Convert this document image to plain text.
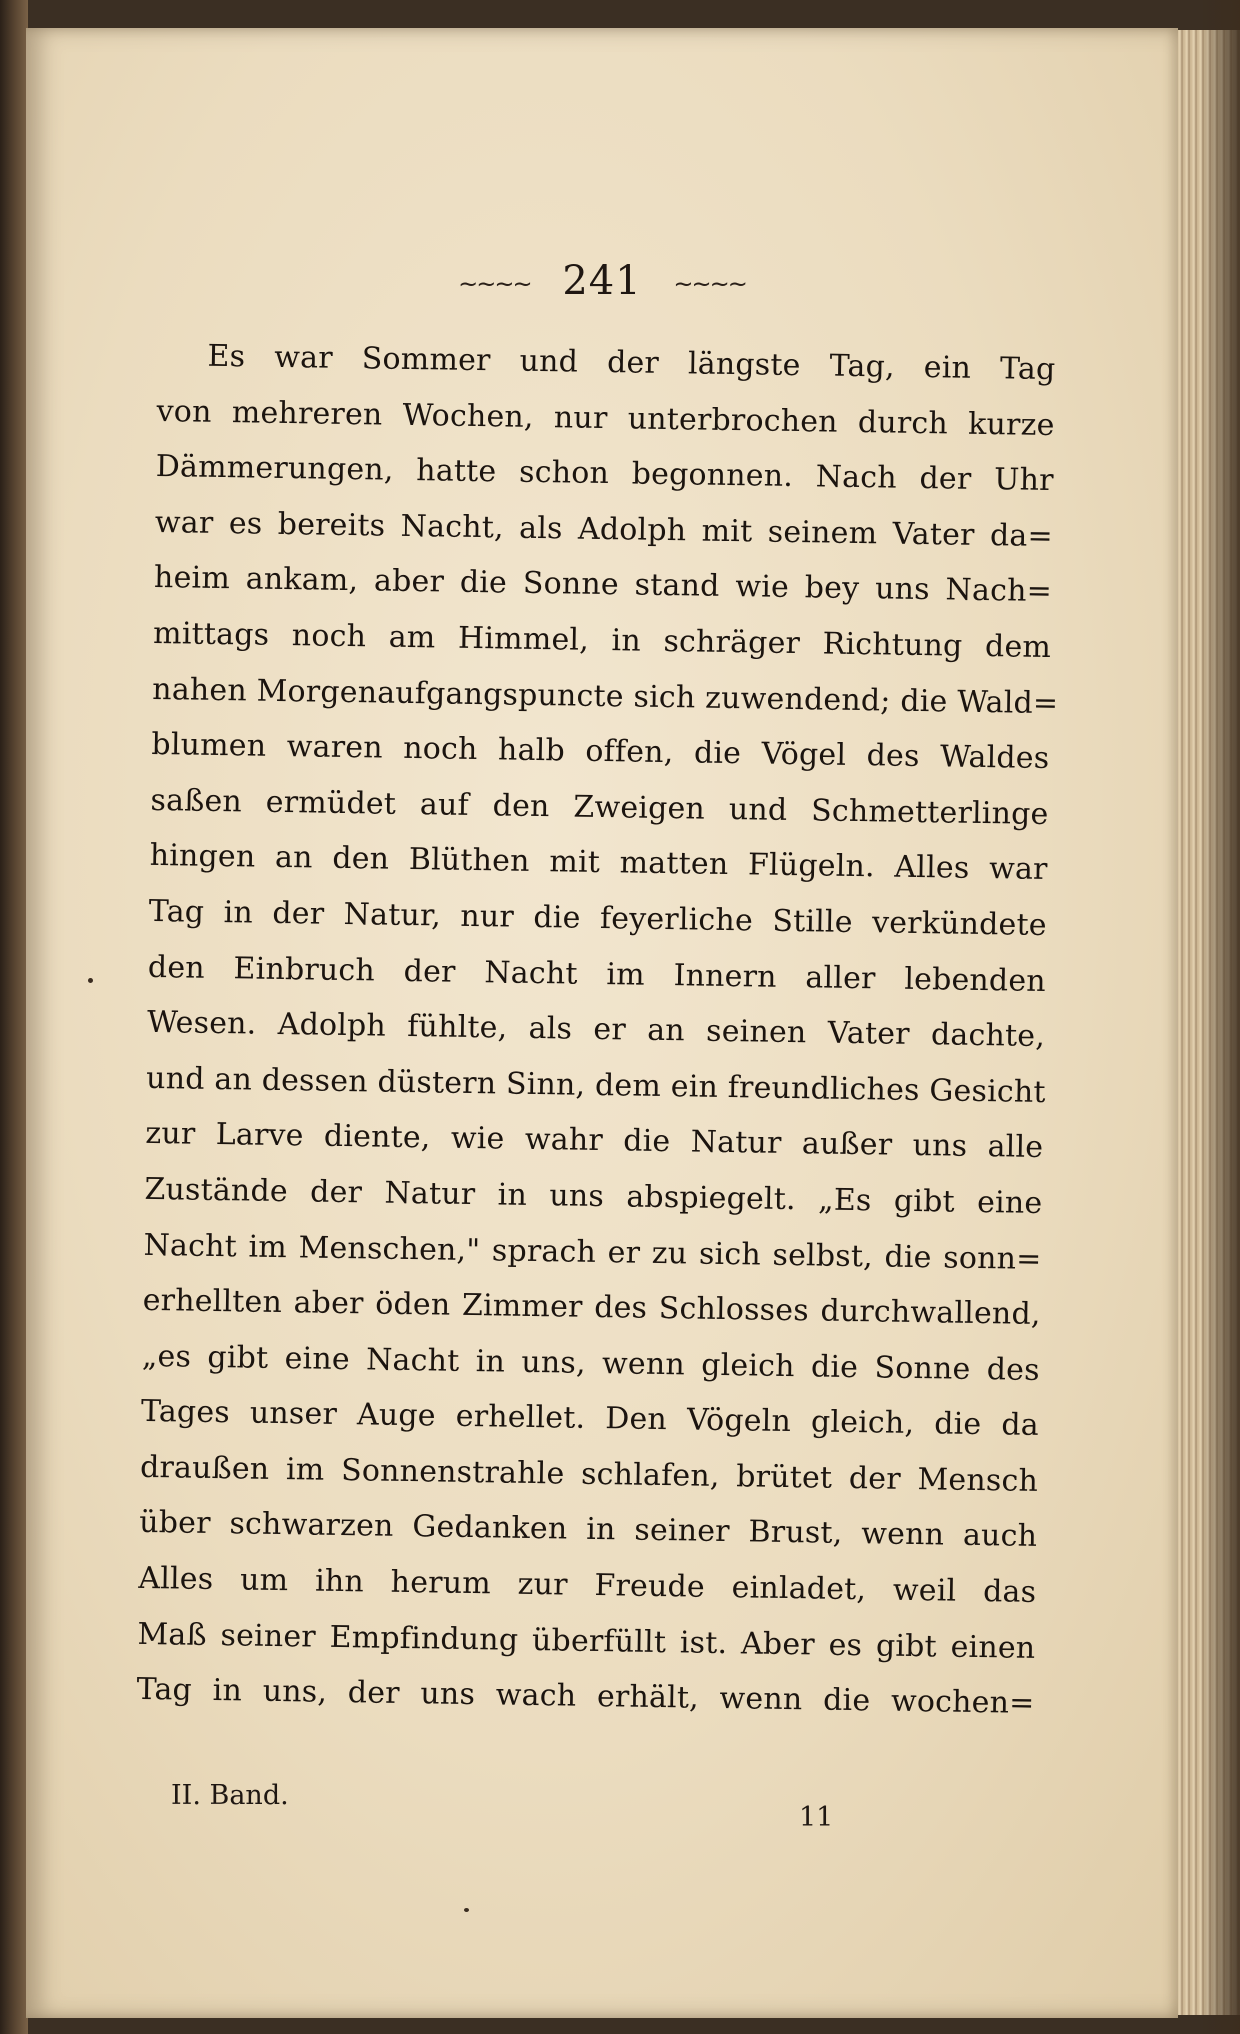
~~~~ 241 ~~~~
Es war Sommer und der längste Tag, ein Tag
von mehreren Wochen, nur unterbrochen durch kurze
Dämmerungen, hatte schon begonnen. Nach der Uhr
war es bereits Nacht, als Adolph mit seinem Vater da=
heim ankam, aber die Sonne stand wie bey uns Nach=
mittags noch am Himmel, in schräger Richtung dem
nahen Morgenaufgangspuncte sich zuwendend; die Wald=
blumen waren noch halb offen, die Vögel des Waldes
saßen ermüdet auf den Zweigen und Schmetterlinge
hingen an den Blüthen mit matten Flügeln. Alles war
Tag in der Natur, nur die feyerliche Stille verkündete
den Einbruch der Nacht im Innern aller lebenden
Wesen. Adolph fühlte, als er an seinen Vater dachte,
und an dessen düstern Sinn, dem ein freundliches Gesicht
zur Larve diente, wie wahr die Natur außer uns alle
Zustände der Natur in uns abspiegelt. „Es gibt eine
Nacht im Menschen," sprach er zu sich selbst, die sonn=
erhellten aber öden Zimmer des Schlosses durchwallend,
„es gibt eine Nacht in uns, wenn gleich die Sonne des
Tages unser Auge erhellet. Den Vögeln gleich, die da
draußen im Sonnenstrahle schlafen, brütet der Mensch
über schwarzen Gedanken in seiner Brust, wenn auch
Alles um ihn herum zur Freude einladet, weil das
Maß seiner Empfindung überfüllt ist. Aber es gibt einen
Tag in uns, der uns wach erhält, wenn die wochen=
II. Band.
11
